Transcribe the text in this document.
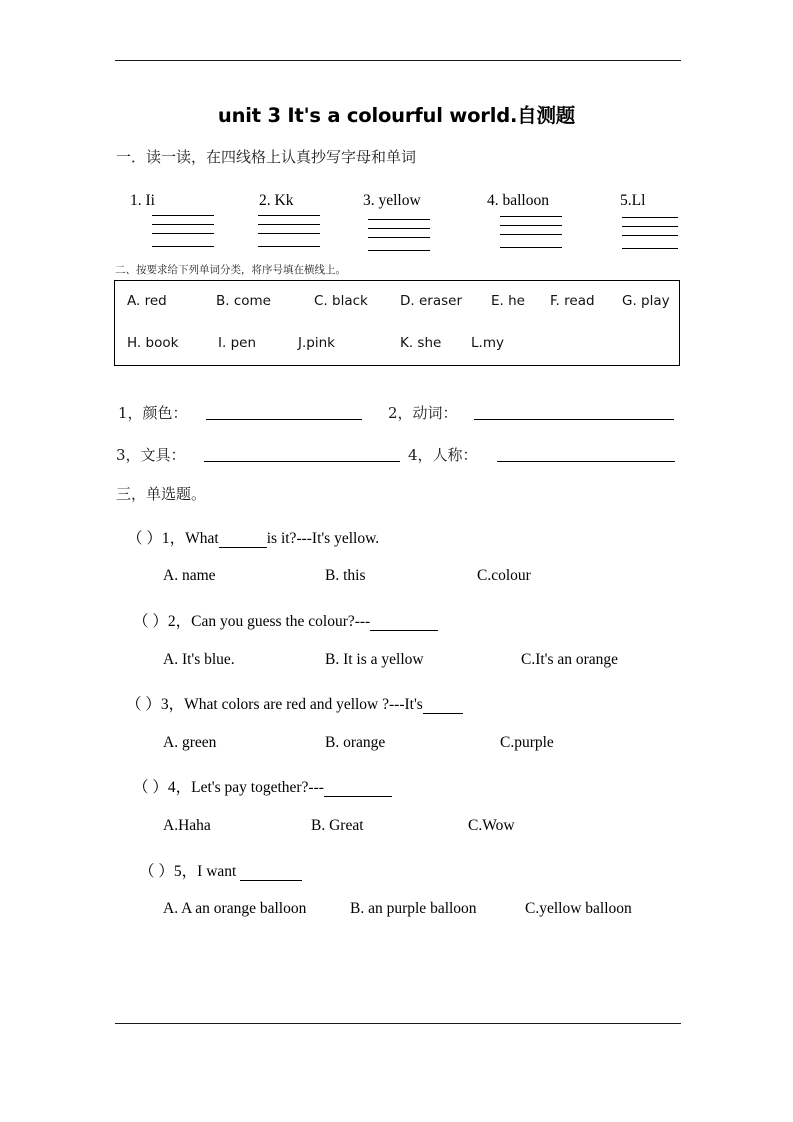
unit 3 It's a colourful world.自测题
一．读一读，在四线格上认真抄写字母和单词
1. Ii	2. Kk	3. yellow	4. balloon	5.Ll
二、按要求给下列单词分类，将序号填在横线上。
A. red	B. come	C. black D. eraser E. he F. read G. play
H. book	I. pen	J.pink	K. she L.my
1，颜色：	2，动词：
3，文具：	4，人称：
三，单选题。
（ ）1，What	is it?---It's yellow.
A. name	B. this	C.colour
（ ）2，Can you guess the colour?---
A. It's blue.	B. It is a yellow	C.It's an orange
（ ）3，What colors are red and yellow ?---It's
A. green	B. orange	C.purple
（ ）4，Let's pay together?---
A.Haha	B. Great	C.Wow
（ ）5，I want
A. A an orange balloon	B. an purple balloon	C.yellow balloon
